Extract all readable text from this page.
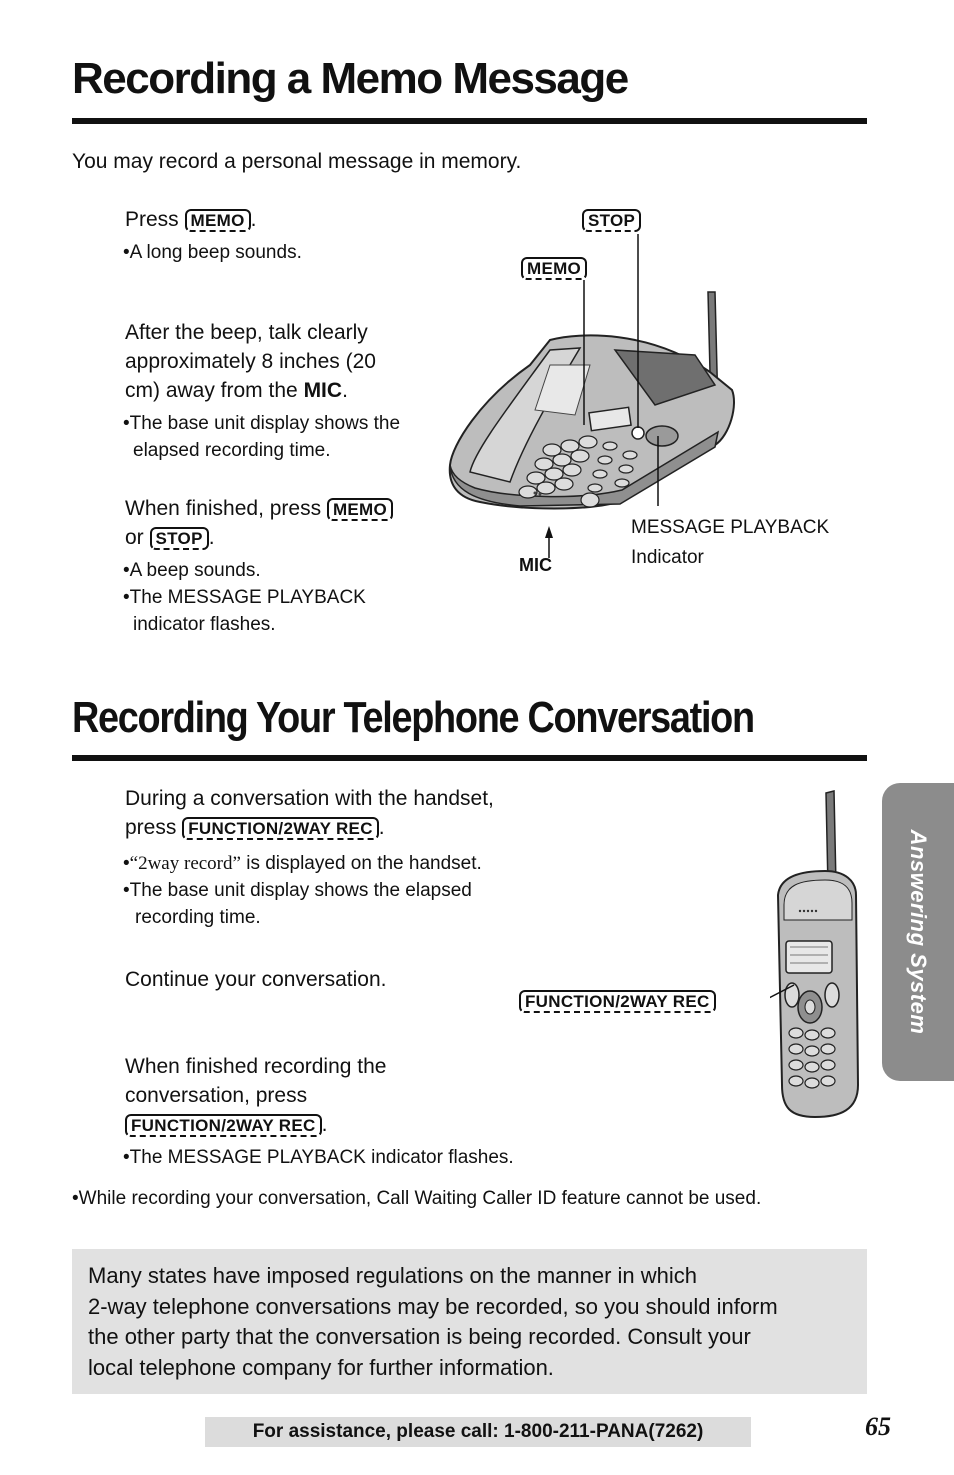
Recording a Memo Message
You may record a personal message in memory.
Press MEMO .
•A long beep sounds.
After the beep, talk clearly
approximately 8 inches (20
cm) away from the MIC.
•The base unit display shows the
elapsed recording time.
When finished, press MEMO
or STOP .
•A beep sounds.
•The MESSAGE PLAYBACK
indicator flashes.
STOP
MEMO
MIC
MESSAGE PLAYBACK
Indicator
Recording Your Telephone Conversation
During a conversation with the handset,
press FUNCTION/2WAY REC .
•“2way record” is displayed on the handset.
•The base unit display shows the elapsed
recording time.
Continue your conversation.
When finished recording the
conversation, press
FUNCTION/2WAY REC .
•The MESSAGE PLAYBACK indicator flashes.
FUNCTION/2WAY REC	Answering System
•While recording your conversation, Call Waiting Caller ID feature cannot be used.
Many states have imposed regulations on the manner in which
2-way telephone conversations may be recorded, so you should inform
the other party that the conversation is being recorded. Consult your
local telephone company for further information.
For assistance, please call: 1-800-211-PANA(7262)	65
